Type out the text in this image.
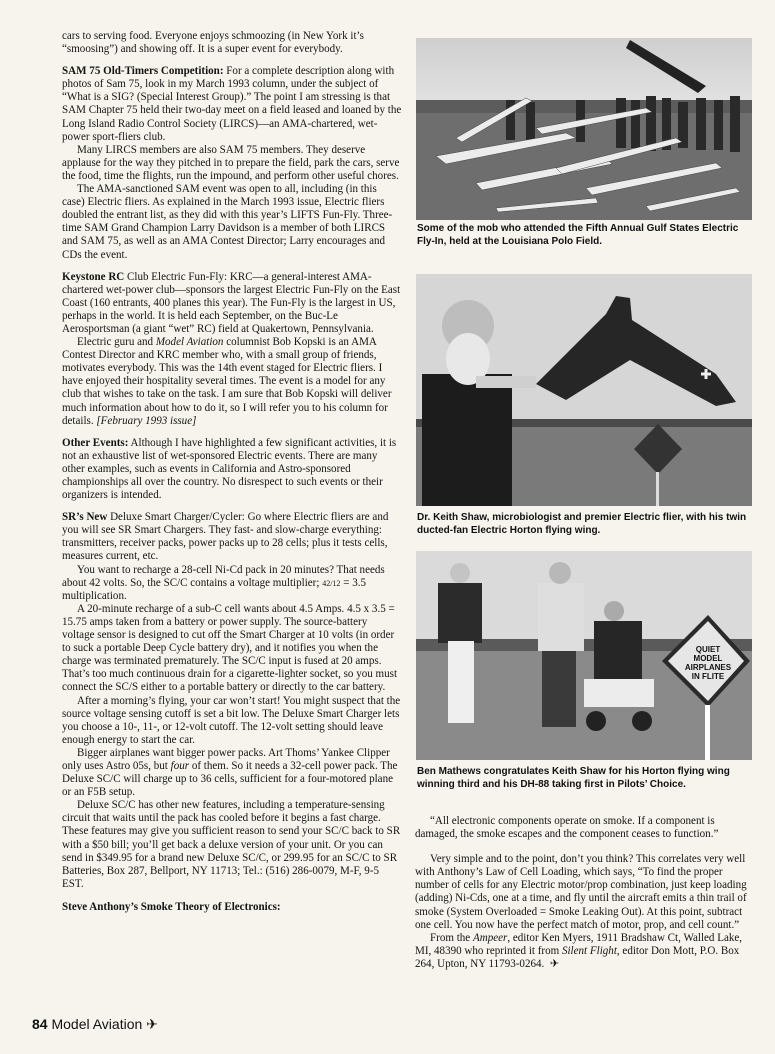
cars to serving food. Everyone enjoys schmoozing (in New York it’s “smoosing”) and showing off. It is a super event for everybody.

SAM 75 Old-Timers Competition: For a complete description along with photos of Sam 75, look in my March 1993 column, under the subject of “What is a SIG? (Special Interest Group).” The point I am stressing is that SAM Chapter 75 held their two-day meet on a field leased and loaned by the Long Island Radio Control Society (LIRCS)—an AMA-chartered, wet-power sport-fliers club.

Many LIRCS members are also SAM 75 members. They deserve applause for the way they pitched in to prepare the field, park the cars, serve the food, time the flights, run the impound, and perform other useful chores.

The AMA-sanctioned SAM event was open to all, including (in this case) Electric fliers. As explained in the March 1993 issue, Electric fliers doubled the entrant list, as they did with this year’s LIFTS Fun-Fly. Three-time SAM Grand Champion Larry Davidson is a member of both LIRCS and SAM 75, as well as an AMA Contest Director; Larry encourages and CDs the event.

Keystone RC Club Electric Fun-Fly: KRC—a general-interest AMA-chartered wet-power club—sponsors the largest Electric Fun-Fly on the East Coast (160 entrants, 400 planes this year). The Fun-Fly is the largest in US, perhaps in the world. It is held each September, on the Buc-Le Aerosportsman (a giant “wet” RC) field at Quakertown, Pennsylvania.

Electric guru and Model Aviation columnist Bob Kopski is an AMA Contest Director and KRC member who, with a small group of friends, motivates everybody. This was the 14th event staged for Electric fliers. I have enjoyed their hospitality several times. The event is a model for any club that wishes to take on the task. I am sure that Bob Kopski will deliver much information about how to do it, so I will refer you to his column for details. [February 1993 issue]

Other Events: Although I have highlighted a few significant activities, it is not an exhaustive list of wet-sponsored Electric events. There are many other examples, such as events in California and Astro-sponsored championships all over the country. No disrespect to such events or their organizers is intended.

SR’s New Deluxe Smart Charger/Cycler: Go where Electric fliers are and you will see SR Smart Chargers. They fast- and slow-charge everything: transmitters, receiver packs, power packs up to 28 cells; plus it tests cells, measures current, etc.

You want to recharge a 28-cell Ni-Cd pack in 20 minutes? That needs about 42 volts. So, the SC/C contains a voltage multiplier; 42/12 = 3.5 multiplication.

A 20-minute recharge of a sub-C cell wants about 4.5 Amps. 4.5 x 3.5 = 15.75 amps taken from a battery or power supply. The source-battery voltage sensor is designed to cut off the Smart Charger at 10 volts (in order to suck a portable Deep Cycle battery dry), and it notifies you when the charge was terminated prematurely. The SC/C input is fused at 20 amps. That’s too much continuous drain for a cigarette-lighter socket, so you must connect the SC/S either to a portable battery or directly to the car battery.

After a morning’s flying, your car won’t start! You might suspect that the source voltage sensing cutoff is set a bit low. The Deluxe Smart Charger lets you choose a 10-, 11-, or 12-volt cutoff. The 12-volt setting should leave enough energy to start the car.

Bigger airplanes want bigger power packs. Art Thoms’ Yankee Clipper only uses Astro 05s, but four of them. So it needs a 32-cell power pack. The Deluxe SC/C will charge up to 36 cells, sufficient for a four-motored plane or an F5B setup.

Deluxe SC/C has other new features, including a temperature-sensing circuit that waits until the pack has cooled before it begins a fast charge. These features may give you sufficient reason to send your SC/C back to SR with a $50 bill; you’ll get back a deluxe version of your unit. Or you can send in $349.95 for a brand new Deluxe SC/C, or 299.95 for an SC/C to SR Batteries, Box 287, Bellport, NY 11713; Tel.: (516) 286-0079, M-F, 9-5 EST.

Steve Anthony’s Smoke Theory of Electronics:

Some of the mob who attended the Fifth Annual Gulf States Electric Fly-In, held at the Louisiana Polo Field.
Dr. Keith Shaw, microbiologist and premier Electric flier, with his twin ducted-fan Electric Horton flying wing.
QUIET MODEL AIRPLANES IN FLITE
Ben Mathews congratulates Keith Shaw for his Horton flying wing winning third and his DH-88 taking first in Pilots’ Choice.

“All electronic components operate on smoke. If a component is damaged, the smoke escapes and the component ceases to function.”

Very simple and to the point, don’t you think? This correlates very well with Anthony’s Law of Cell Loading, which says, “To find the proper number of cells for any Electric motor/prop combination, just keep loading (adding) Ni-Cds, one at a time, and fly until the aircraft emits a thin trail of smoke (System Overloaded = Smoke Leaking Out). At this point, subtract one cell. You now have the perfect match of motor, prop, and cell count.”

From the Ampeer, editor Ken Myers, 1911 Bradshaw Ct, Walled Lake, MI, 48390 who reprinted it from Silent Flight, editor Don Mott, P.O. Box 264, Upton, NY 11793-0264. ✈

84 Model Aviation ✈
